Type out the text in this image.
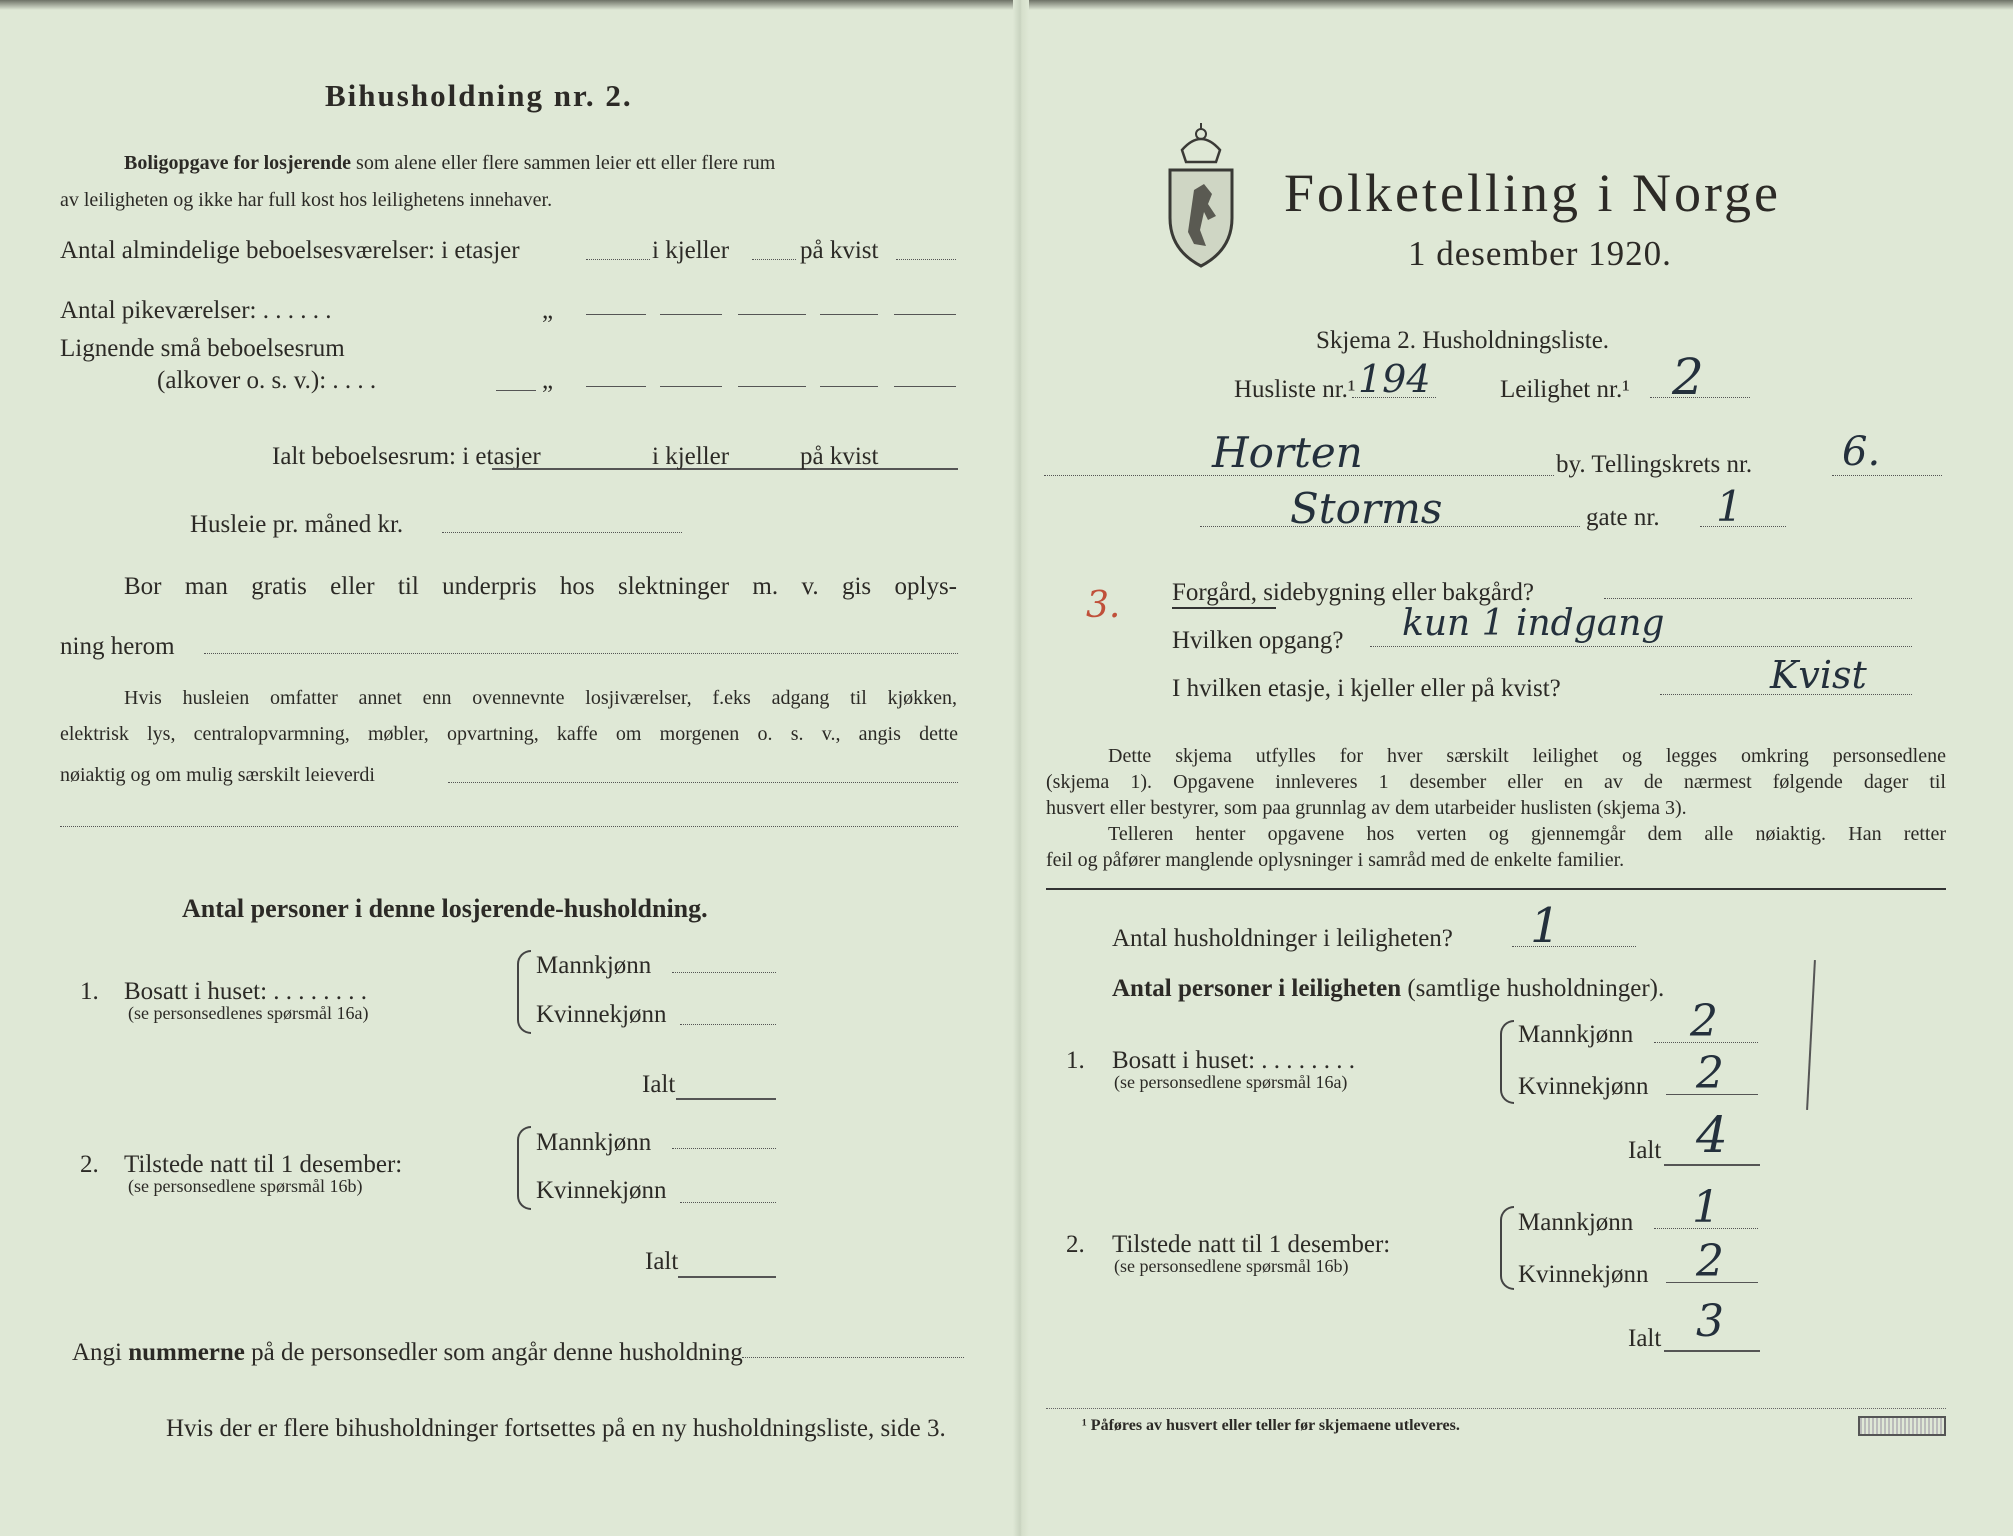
Bihusholdning nr. 2.
Boligopgave for losjerende som alene eller flere sammen leier ett eller flere rum
av leiligheten og ikke har full kost hos leilighetens innehaver.
Antal almindelige beboelsesværelser: i etasjer	i kjeller	på kvist
Antal pikeværelser: . . . . . .	„
Lignende små beboelsesrum
(alkover o. s. v.): . . . .	„
Ialt beboelsesrum: i etasjer	i kjeller	på kvist
Husleie pr. måned kr.
Bor man gratis eller til underpris hos slektninger m. v. gis oplys-
ning herom
Hvis husleien omfatter annet enn ovennevnte losjiværelser, f.eks adgang til kjøkken,
elektrisk lys, centralopvarmning, møbler, opvartning, kaffe om morgenen o. s. v., angis dette
nøiaktig og om mulig særskilt leieverdi
Antal personer i denne losjerende-husholdning.
1. Bosatt i huset: . . . . . . . .
(se personsedlenes spørsmål 16a)
Mannkjønn
Kvinnekjønn
Ialt
2. Tilstede natt til 1 desember:
(se personsedlene spørsmål 16b)
Mannkjønn
Kvinnekjønn
Ialt
Angi nummerne på de personsedler som angår denne husholdning
Hvis der er flere bihusholdninger fortsettes på en ny husholdningsliste, side 3.
Folketelling i Norge
1 desember 1920.
Skjema 2. Husholdningsliste.
Husliste nr.¹ 194	Leilighet nr.¹ 2
Horten	by. Tellingskrets nr. 6.
Storms	gate nr. 1
3. Forgård, sidebygning eller bakgård?
Hvilken opgang? kun 1 indgang
I hvilken etasje, i kjeller eller på kvist?	Kvist
Dette skjema utfylles for hver særskilt leilighet og legges omkring personsedlene
(skjema 1). Opgavene innleveres 1 desember eller en av de nærmest følgende dager til
husvert eller bestyrer, som paa grunnlag av dem utarbeider huslisten (skjema 3).
Telleren henter opgavene hos verten og gjennemgår dem alle nøiaktig. Han retter
feil og påfører manglende oplysninger i samråd med de enkelte familier.
Antal husholdninger i leiligheten? 1
Antal personer i leiligheten (samtlige husholdninger).
1. Bosatt i huset: . . . . . . . .
(se personsedlene spørsmål 16a)
Mannkjønn 2
Kvinnekjønn 2
Ialt 4
2. Tilstede natt til 1 desember:
(se personsedlene spørsmål 16b)
Mannkjønn 1
Kvinnekjønn 2
Ialt 3
¹ Påføres av husvert eller teller før skjemaene utleveres.
